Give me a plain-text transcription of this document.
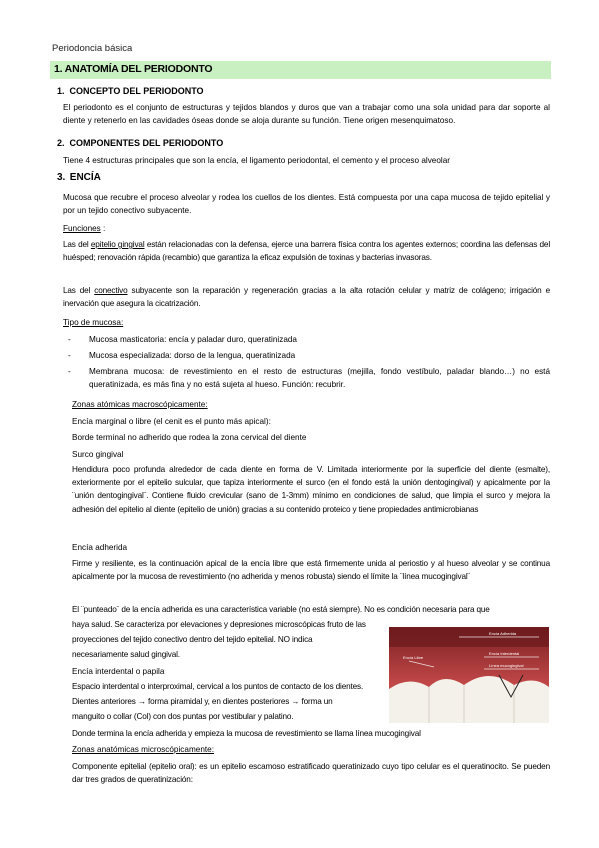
Periodoncia básica
1. ANATOMÍA DEL PERIODONTO
1. CONCEPTO DEL PERIODONTO
El periodonto es el conjunto de estructuras y tejidos blandos y duros que van a trabajar como una sola unidad para dar soporte al diente y retenerlo en las cavidades óseas donde se aloja durante su función. Tiene origen mesenquimatoso.
2. COMPONENTES DEL PERIODONTO
Tiene 4 estructuras principales que son la encía, el ligamento periodontal, el cemento y el proceso alveolar
3. ENCÍA
Mucosa que recubre el proceso alveolar y rodea los cuellos de los dientes. Está compuesta por una capa mucosa de tejido epitelial y por un tejido conectivo subyacente.
Funciones :
Las del epitelio gingival están relacionadas con la defensa, ejerce una barrera física contra los agentes externos; coordina las defensas del huésped; renovación rápida (recambio) que garantiza la eficaz expulsión de toxinas y bacterias invasoras.
Las del conectivo subyacente son la reparación y regeneración gracias a la alta rotación celular y matriz de colágeno; irrigación e inervación que asegura la cicatrización.
Tipo de mucosa:
- Mucosa masticatoria: encía y paladar duro, queratinizada
- Mucosa especializada: dorso de la lengua, queratinizada
- Membrana mucosa: de revestimiento en el resto de estructuras (mejilla, fondo vestíbulo, paladar blando…) no está queratinizada, es más fina y no está sujeta al hueso. Función: recubrir.
Zonas atómicas macroscópicamente:
Encía marginal o libre (el cenit es el punto más apical):
Borde terminal no adherido que rodea la zona cervical del diente
Surco gingival
Hendidura poco profunda alrededor de cada diente en forma de V. Limitada interiormente por la superficie del diente (esmalte), exteriormente por el epitelio sulcular, que tapiza interiormente el surco (en el fondo está la unión dentogingival) y apicalmente por la ¨unión dentogingival¨. Contiene fluido crevicular (sano de 1-3mm) mínimo en condiciones de salud, que limpia el surco y mejora la adhesión del epitelio al diente (epitelio de unión) gracias a su contenido proteico y tiene propiedades antimicrobianas
Encía adherida
Firme y resiliente, es la continuación apical de la encía libre que está firmemente unida al periostio y al hueso alveolar y se continua apicalmente por la mucosa de revestimiento (no adherida y menos robusta) siendo el límite la ¨línea mucogingival¨
El ¨punteado¨ de la encía adherida es una característica variable (no está siempre). No es condición necesaria para que
haya salud. Se caracteriza por elevaciones y depresiones microscópicas fruto de las
proyecciones del tejido conectivo dentro del tejido epitelial. NO indica
necesariamente salud gingival.
Encía interdental o papila
Espacio interdental o interproximal, cervical a los puntos de contacto de los dientes.
Dientes anteriores → forma piramidal y, en dientes posteriores → forma un
manguito o collar (Col) con dos puntas por vestibular y palatino.
Donde termina la encía adherida y empieza la mucosa de revestimiento se llama línea mucogingival
Zonas anatómicas microscópicamente:
Componente epitelial (epitelio oral): es un epitelio escamoso estratificado queratinizado cuyo tipo celular es el queratinocito. Se pueden dar tres grados de queratinización:
Encía Adherida
Encía Interdental
Línea mucogingival
Encía Libre
